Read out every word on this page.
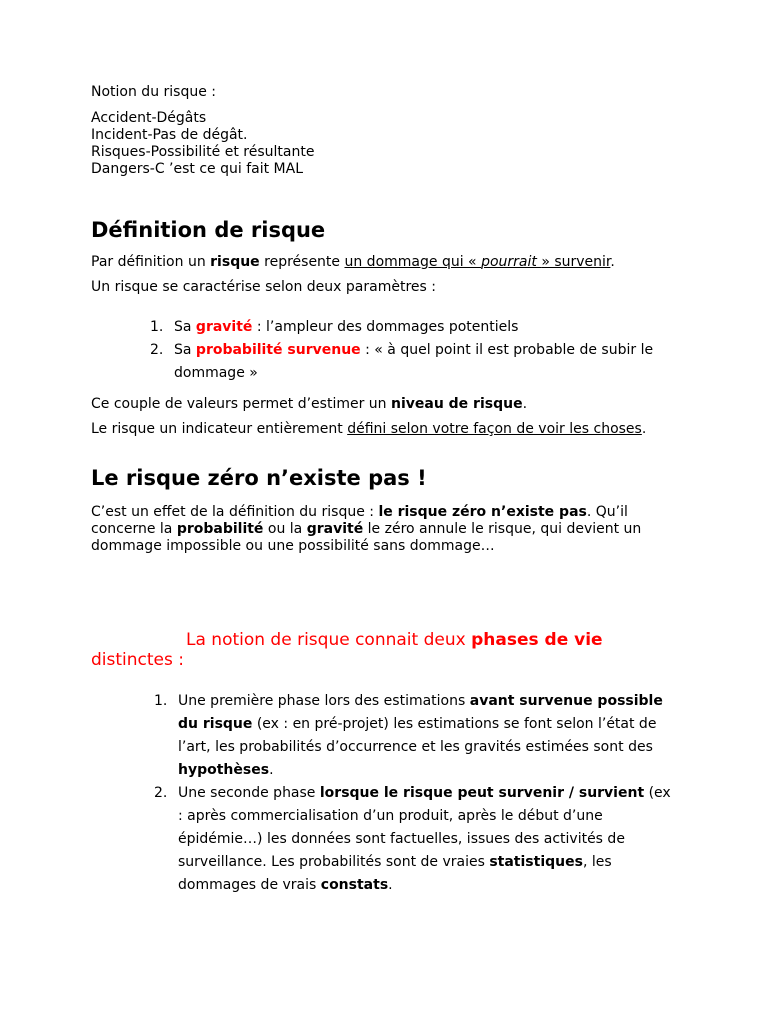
Notion du risque :

Accident-Dégâts

Incident-Pas de dégât.

Risques-Possibilité et résultante

Dangers-C ’est ce qui fait MAL

Définition de risque

Par définition un risque représente un dommage qui « pourrait » survenir.

Un risque se caractérise selon deux paramètres :

1. Sa gravité : l’ampleur des dommages potentiels
2. Sa probabilité survenue : « à quel point il est probable de subir le dommage »

Ce couple de valeurs permet d’estimer un niveau de risque.

Le risque un indicateur entièrement défini selon votre façon de voir les choses.

Le risque zéro n’existe pas !

C’est un effet de la définition du risque : le risque zéro n’existe pas. Qu’il concerne la probabilité ou la gravité le zéro annule le risque, qui devient un dommage impossible ou une possibilité sans dommage…

La notion de risque connait deux phases de vie distinctes :

1. Une première phase lors des estimations avant survenue possible du risque (ex : en pré-projet) les estimations se font selon l’état de l’art, les probabilités d’occurrence et les gravités estimées sont des hypothèses.
2. Une seconde phase lorsque le risque peut survenir / survient (ex : après commercialisation d’un produit, après le début d’une épidémie…) les données sont factuelles, issues des activités de surveillance. Les probabilités sont de vraies statistiques, les dommages de vrais constats.
